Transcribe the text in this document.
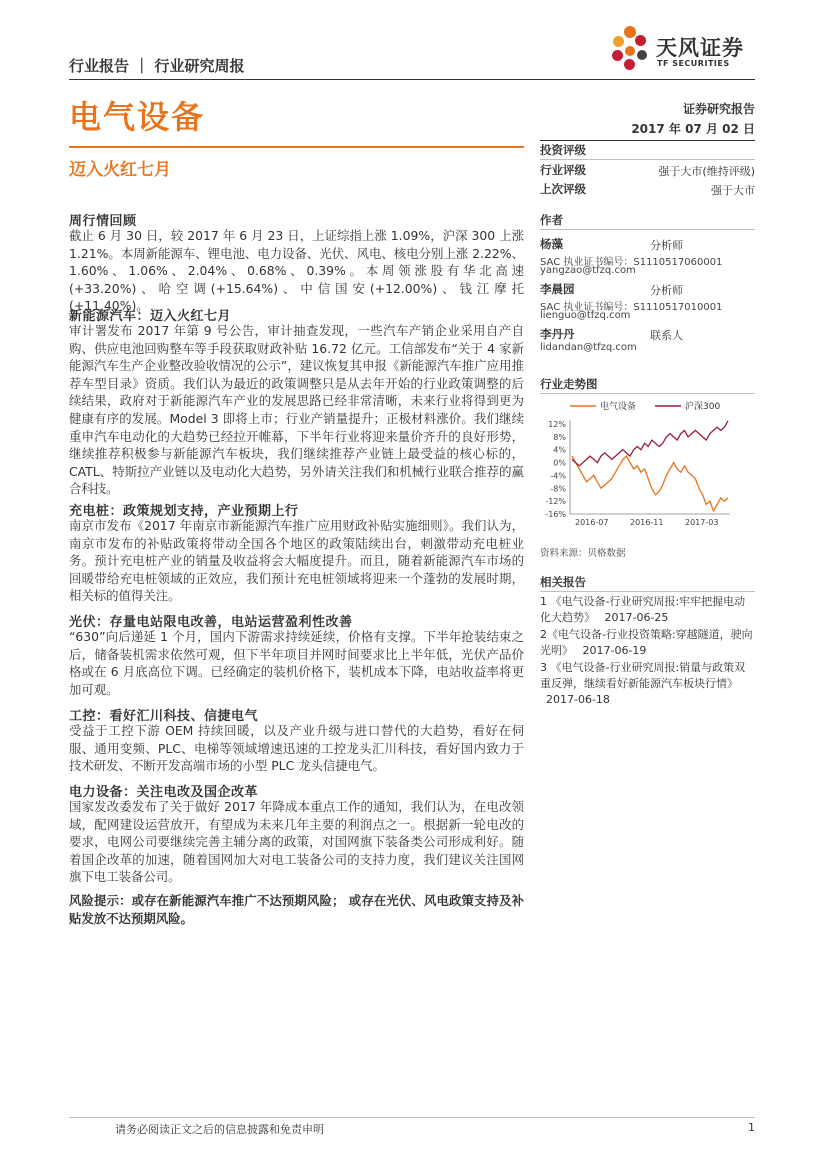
行业报告 ｜ 行业研究周报
天风证券
TF SECURITIES
电气设备	证券研究报告
2017 年 07 月 02 日
迈入火红七月
周行情回顾

截止 6 月 30 日，较 2017 年 6 月 23 日，上证综指上涨 1.09%，沪深 300 上涨 1.21%。本周新能源车、锂电池、电力设备、光伏、风电、核电分别上涨 2.22%、1.60%、1.06%、2.04%、0.68%、0.39%。本周领涨股有华北高速(+33.20%)、哈空调(+15.64%)、中信国安(+12.00%)、钱江摩托(+11.40%)。

新能源汽车：迈入火红七月

审计署发布 2017 年第 9 号公告，审计抽查发现，一些汽车产销企业采用自产自购、供应电池回购整车等手段获取财政补贴 16.72 亿元。工信部发布“关于 4 家新能源汽车生产企业整改验收情况的公示”，建议恢复其申报《新能源汽车推广应用推荐车型目录》资质。我们认为最近的政策调整只是从去年开始的行业政策调整的后续结果，政府对于新能源汽车产业的发展思路已经非常清晰，未来行业将得到更为健康有序的发展。Model 3 即将上市；行业产销量提升；正极材料涨价。我们继续重申汽车电动化的大趋势已经拉开帷幕，下半年行业将迎来量价齐升的良好形势，继续推荐积极参与新能源汽车板块，我们继续推荐产业链上最受益的核心标的，CATL、特斯拉产业链以及电动化大趋势，另外请关注我们和机械行业联合推荐的赢合科技。

充电桩：政策规划支持，产业预期上行

南京市发布《2017 年南京市新能源汽车推广应用财政补贴实施细则》。我们认为，南京市发布的补贴政策将带动全国各个地区的政策陆续出台，刺激带动充电桩业务。预计充电桩产业的销量及收益将会大幅度提升。而且，随着新能源汽车市场的回暖带给充电桩领域的正效应，我们预计充电桩领域将迎来一个蓬勃的发展时期，相关标的值得关注。

光伏：存量电站限电改善，电站运营盈利性改善

“630”向后递延 1 个月，国内下游需求持续延续，价格有支撑。下半年抢装结束之后，储备装机需求依然可观，但下半年项目并网时间要求比上半年低，光伏产品价格或在 6 月底高位下调。已经确定的装机价格下，装机成本下降，电站收益率将更加可观。

工控：看好汇川科技、信捷电气

受益于工控下游 OEM 持续回暖，以及产业升级与进口替代的大趋势，看好在伺服、通用变频、PLC、电梯等领域增速迅速的工控龙头汇川科技，看好国内致力于技术研发、不断开发高端市场的小型 PLC 龙头信捷电气。

电力设备：关注电改及国企改革

国家发改委发布了关于做好 2017 年降成本重点工作的通知，我们认为，在电改领域，配网建设运营放开，有望成为未来几年主要的利润点之一。根据新一轮电改的要求，电网公司要继续完善主辅分离的政策，对国网旗下装备类公司形成利好。随着国企改革的加速，随着国网加大对电工装备公司的支持力度，我们建议关注国网旗下电工装备公司。

风险提示：或存在新能源汽车推广不达预期风险； 或存在光伏、风电政策支持及补贴发放不达预期风险。

投资评级
行业评级	强于大市(维持评级)
上次评级	强于大市
作者
杨藻	分析师
SAC 执业证书编号：S1110517060001
yangzao@tfzq.com
李晨园	分析师
SAC 执业证书编号：S1110517010001
lienguo@tfzq.com
李丹丹	联系人
lidandan@tfzq.com
行业走势图
电气设备	沪深300
12%
8%
4%
0%
-4%
-8%
-12%
-16%
2016-07	2016-11	2017-03
资料来源：贝格数据
相关报告
1 《电气设备-行业研究周报:牢牢把握电动化大趋势》 2017-06-25
2《电气设备-行业投资策略:穿越隧道，驶向光明》 2017-06-19
3 《电气设备-行业研究周报:销量与政策双重反弹，继续看好新能源汽车板块行情》 2017-06-18
请务必阅读正文之后的信息披露和免责申明	1
